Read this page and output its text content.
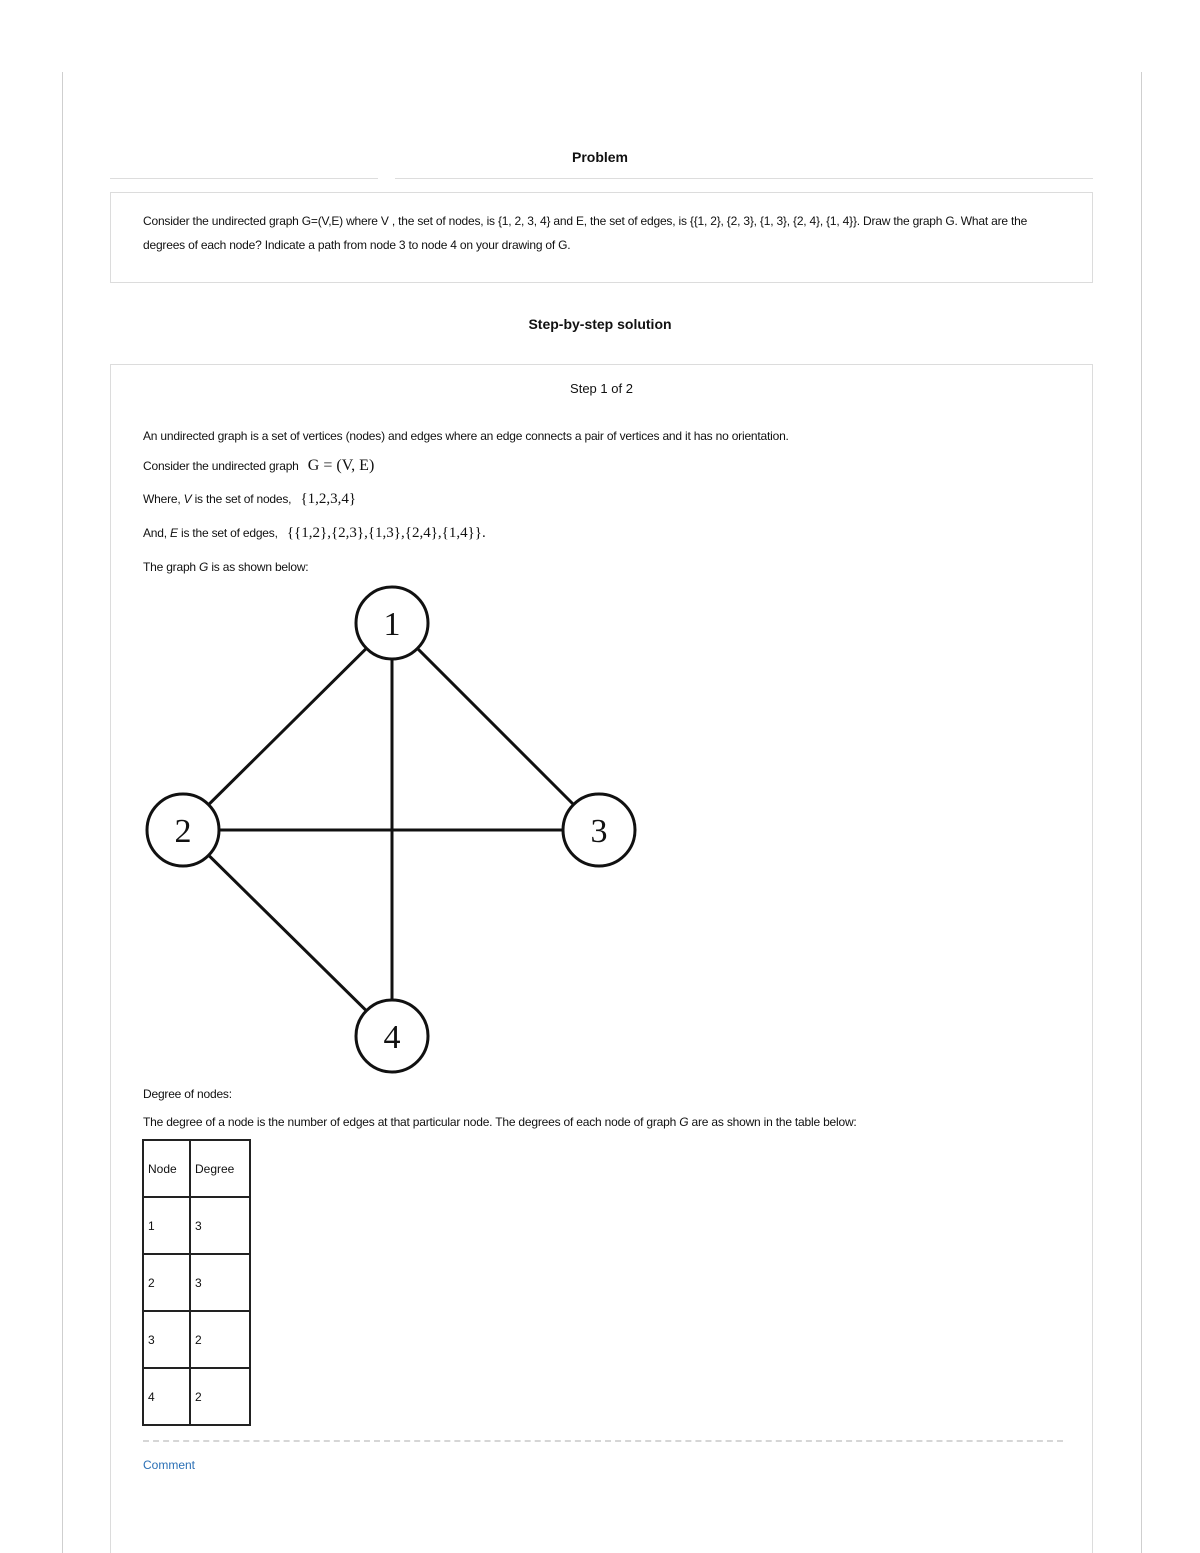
Problem
Consider the undirected graph G=(V,E) where V , the set of nodes, is {1, 2, 3, 4} and E, the set of edges, is {{1, 2}, {2, 3}, {1, 3}, {2, 4}, {1, 4}}. Draw the graph G. What are the degrees of each node? Indicate a path from node 3 to node 4 on your drawing of G.
Step-by-step solution
Step 1 of 2
An undirected graph is a set of vertices (nodes) and edges where an edge connects a pair of vertices and it has no orientation.
Consider the undirected graph G = (V, E)
Where, V is the set of nodes, {1,2,3,4}
And, E is the set of edges, {{1,2},{2,3},{1,3},{2,4},{1,4}}.
The graph G is as shown below:
1
2	3
4
Degree of nodes:
The degree of a node is the number of edges at that particular node. The degrees of each node of graph G are as shown in the table below:
Node	Degree
1	3
2	3
3	2
4	2
Comment
